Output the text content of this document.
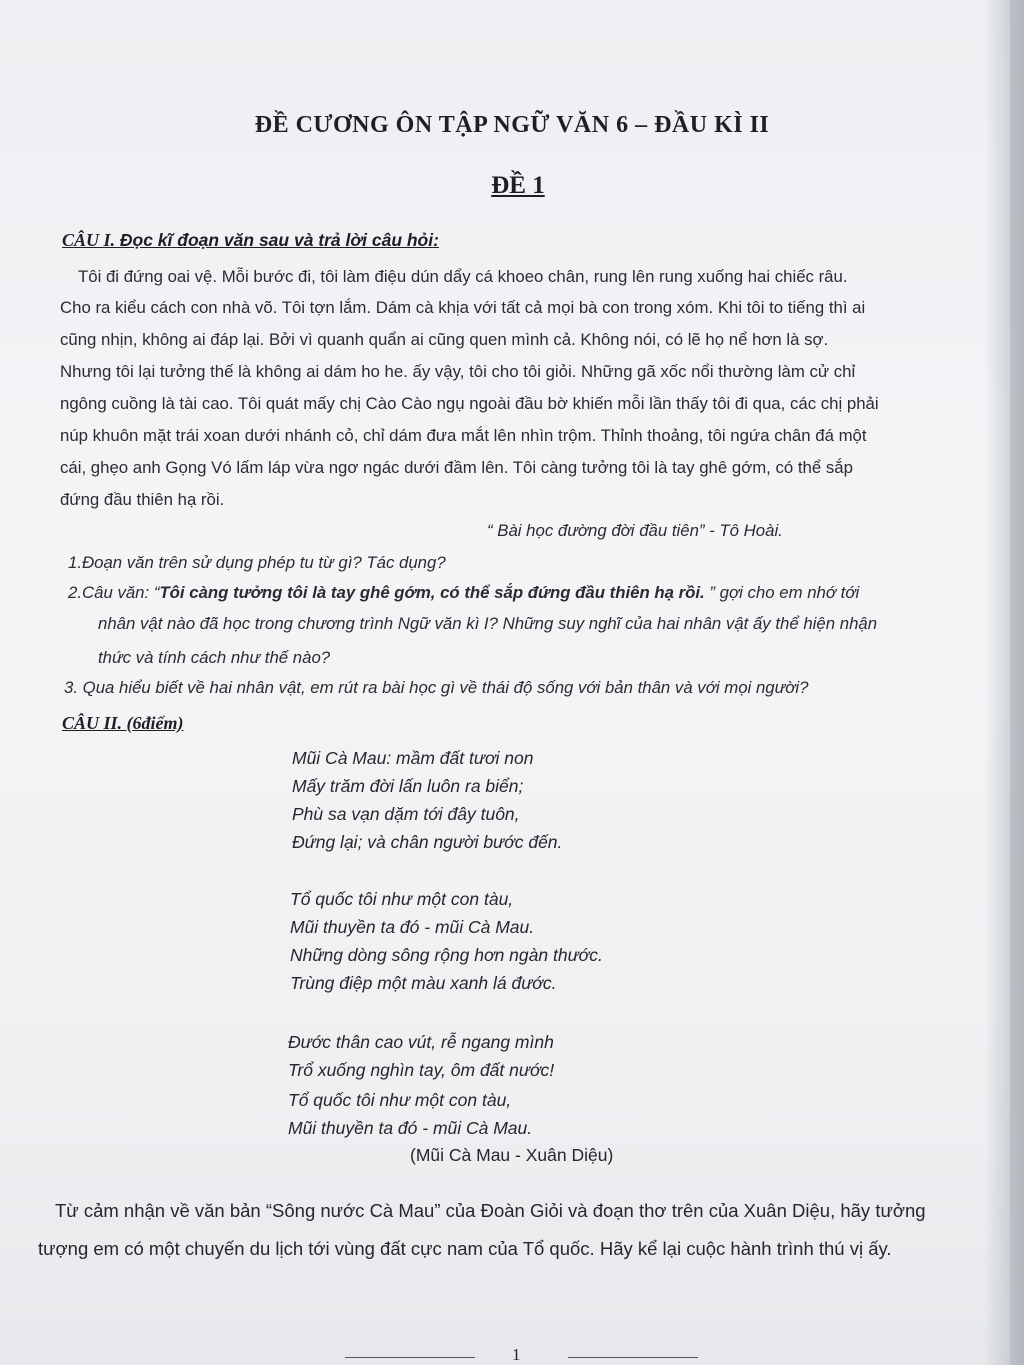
ĐỀ CƯƠNG ÔN TẬP NGỮ VĂN 6 – ĐẦU KÌ II
ĐỀ 1
CÂU I. Đọc kĩ đoạn văn sau và trả lời câu hỏi:
Tôi đi đứng oai vệ. Mỗi bước đi, tôi làm điệu dún dẩy cá khoeo chân, rung lên rung xuống hai chiếc râu.
Cho ra kiểu cách con nhà võ. Tôi tợn lắm. Dám cà khịa với tất cả mọi bà con trong xóm. Khi tôi to tiếng thì ai
cũng nhịn, không ai đáp lại. Bởi vì quanh quẩn ai cũng quen mình cả. Không nói, có lẽ họ nể hơn là sợ.
Nhưng tôi lại tưởng thế là không ai dám ho he. ấy vậy, tôi cho tôi giỏi. Những gã xốc nổi thường làm cử chỉ
ngông cuồng là tài cao. Tôi quát mấy chị Cào Cào ngụ ngoài đầu bờ khiến mỗi lần thấy tôi đi qua, các chị phải
núp khuôn mặt trái xoan dưới nhánh cỏ, chỉ dám đưa mắt lên nhìn trộm. Thỉnh thoảng, tôi ngứa chân đá một
cái, ghẹo anh Gọng Vó lấm láp vừa ngơ ngác dưới đầm lên. Tôi càng tưởng tôi là tay ghê gớm, có thể sắp
đứng đầu thiên hạ rồi.
“ Bài học đường đời đầu tiên” - Tô Hoài.
1.Đoạn văn trên sử dụng phép tu từ gì? Tác dụng?
2.Câu văn: “Tôi càng tưởng tôi là tay ghê gớm, có thể sắp đứng đầu thiên hạ rồi. ” gợi cho em nhớ tới
nhân vật nào đã học trong chương trình Ngữ văn kì I? Những suy nghĩ của hai nhân vật ấy thể hiện nhận
thức và tính cách như thế nào?
3. Qua hiểu biết về hai nhân vật, em rút ra bài học gì về thái độ sống với bản thân và với mọi người?
CÂU II. (6điểm)
Mũi Cà Mau: mầm đất tươi non
Mấy trăm đời lấn luôn ra biển;
Phù sa vạn dặm tới đây tuôn,
Đứng lại; và chân người bước đến.
Tổ quốc tôi như một con tàu,
Mũi thuyền ta đó - mũi Cà Mau.
Những dòng sông rộng hơn ngàn thước.
Trùng điệp một màu xanh lá đước.
Đước thân cao vút, rễ ngang mình
Trổ xuống nghìn tay, ôm đất nước!
Tổ quốc tôi như một con tàu,
Mũi thuyền ta đó - mũi Cà Mau.
(Mũi Cà Mau - Xuân Diệu)
Từ cảm nhận về văn bản “Sông nước Cà Mau” của Đoàn Giỏi và đoạn thơ trên của Xuân Diệu, hãy tưởng
tượng em có một chuyến du lịch tới vùng đất cực nam của Tổ quốc. Hãy kể lại cuộc hành trình thú vị ấy.
1
